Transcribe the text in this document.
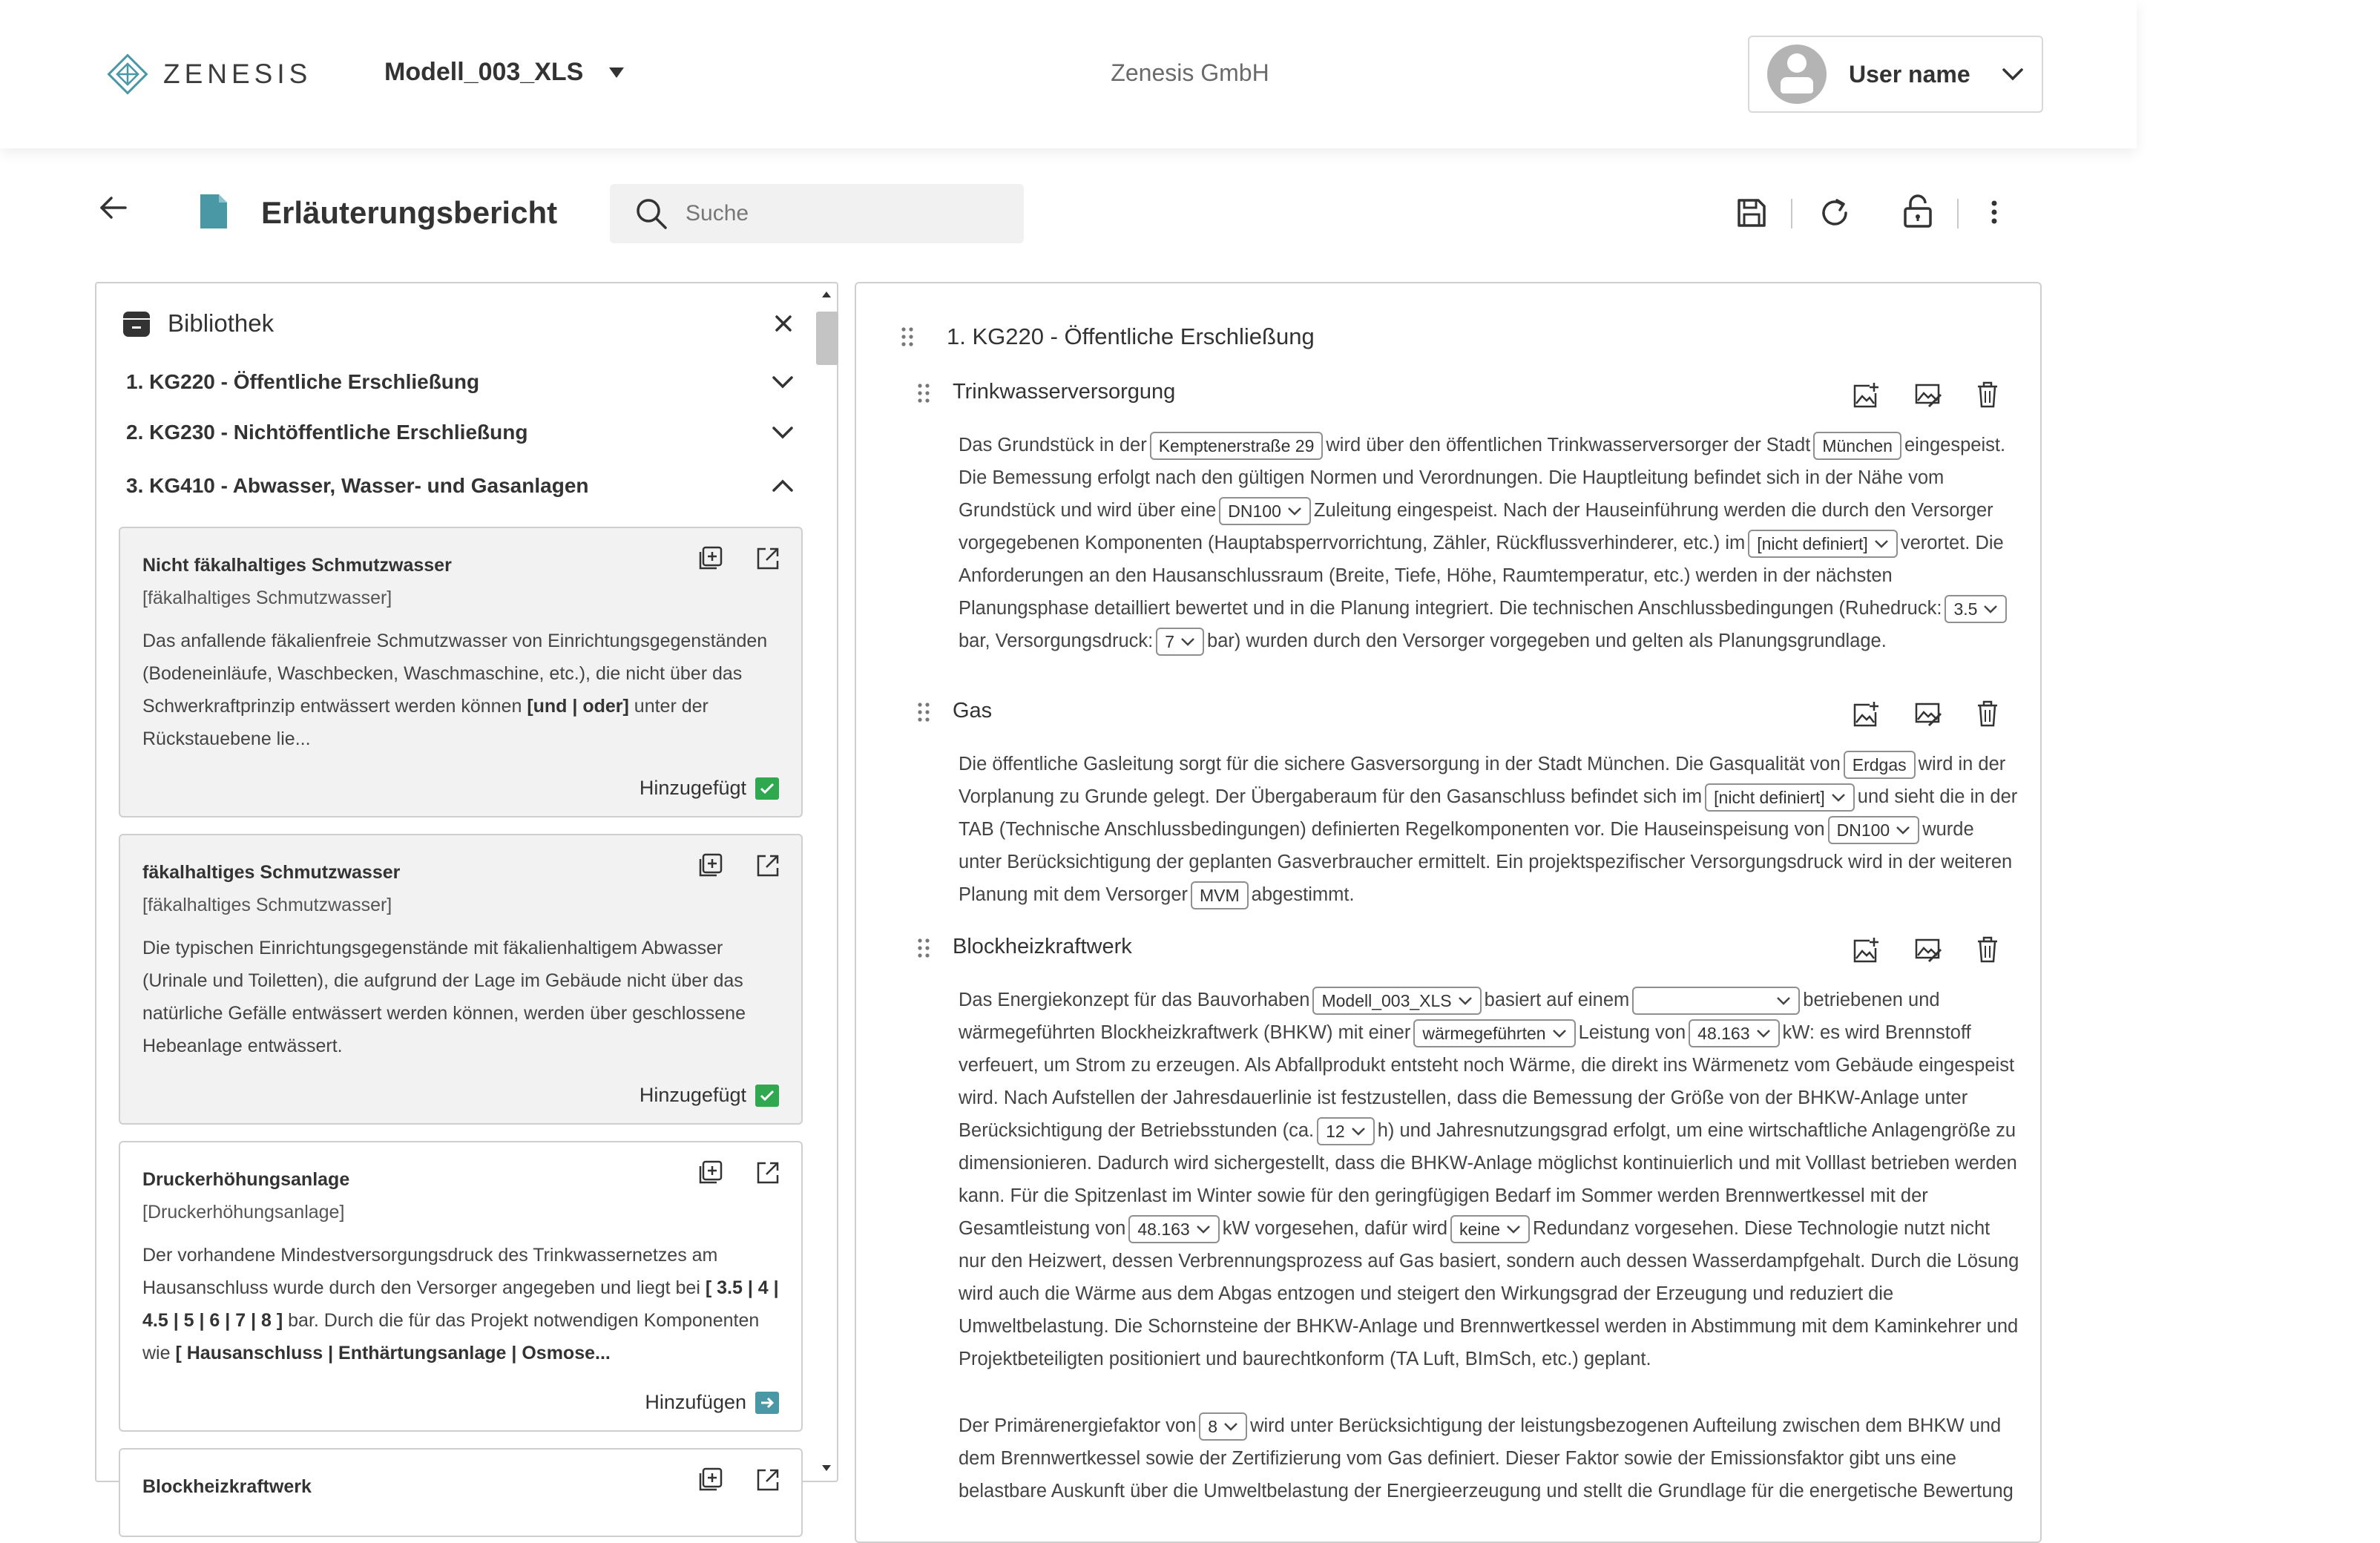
ZENESIS	Modell_003_XLS	Zenesis GmbH	User name
Erläuterungsbericht
Suche
Bibliothek
1. KG220 - Öffentliche Erschließung
2. KG230 - Nichtöffentliche Erschließung
3. KG410 - Abwasser, Wasser- und Gasanlagen
Nicht fäkalhaltiges Schmutzwasser
[fäkalhaltiges Schmutzwasser]
Das anfallende fäkalienfreie Schmutzwasser von Einrichtungsgegenständen (Bodeneinläufe, Waschbecken, Waschmaschine, etc.), die nicht über das Schwerkraftprinzip entwässert werden können [und | oder] unter der Rückstauebene lie...
Hinzugefügt
fäkalhaltiges Schmutzwasser
[fäkalhaltiges Schmutzwasser]
Die typischen Einrichtungsgegenstände mit fäkalienhaltigem Abwasser (Urinale und Toiletten), die aufgrund der Lage im Gebäude nicht über das natürliche Gefälle entwässert werden können, werden über geschlossene Hebeanlage entwässert.
Hinzugefügt
Druckerhöhungsanlage
[Druckerhöhungsanlage]
Der vorhandene Mindestversorgungsdruck des Trinkwassernetzes am Hausanschluss wurde durch den Versorger angegeben und liegt bei [ 3.5 | 4 | 4.5 | 5 | 6 | 7 | 8 ] bar. Durch die für das Projekt notwendigen Komponenten wie [ Hausanschluss | Enthärtungsanlage | Osmose...
Hinzufügen
Blockheizkraftwerk
1. KG220 - Öffentliche Erschließung
Trinkwasserversorgung
Das Grundstück in der Kemptenerstraße 29 wird über den öffentlichen Trinkwasserversorger der Stadt München eingespeist. Die Bemessung erfolgt nach den gültigen Normen und Verordnungen. Die Hauptleitung befindet sich in der Nähe vom Grundstück und wird über eine DN100 Zuleitung eingespeist. Nach der Hauseinführung werden die durch den Versorger vorgegebenen Komponenten (Hauptabsperrvorrichtung, Zähler, Rückflussverhinderer, etc.) im [nicht definiert] verortet. Die Anforderungen an den Hausanschlussraum (Breite, Tiefe, Höhe, Raumtemperatur, etc.) werden in der nächsten Planungsphase detailliert bewertet und in die Planung integriert. Die technischen Anschlussbedingungen (Ruhedruck: 3.5
bar, Versorgungsdruck: 7 bar) wurden durch den Versorger vorgegeben und gelten als Planungsgrundlage.
Gas
Die öffentliche Gasleitung sorgt für die sichere Gasversorgung in der Stadt München. Die Gasqualität von Erdgas wird in der Vorplanung zu Grunde gelegt. Der Übergaberaum für den Gasanschluss befindet sich im [nicht definiert] und sieht die in der TAB (Technische Anschlussbedingungen) definierten Regelkomponenten vor. Die Hauseinspeisung von DN100 wurde unter Berücksichtigung der geplanten Gasverbraucher ermittelt. Ein projektspezifischer Versorgungsdruck wird in der weiteren Planung mit dem Versorger MVM abgestimmt.
Blockheizkraftwerk
Das Energiekonzept für das Bauvorhaben Modell_003_XLS basiert auf einem	betriebenen und wärmegeführten Blockheizkraftwerk (BHKW) mit einer wärmegeführten Leistung von 48.163 kW: es wird Brennstoff verfeuert, um Strom zu erzeugen. Als Abfallprodukt entsteht noch Wärme, die direkt ins Wärmenetz vom Gebäude eingespeist wird. Nach Aufstellen der Jahresdauerlinie ist festzustellen, dass die Bemessung der Größe von der BHKW-Anlage unter Berücksichtigung der Betriebsstunden (ca. 12 h) und Jahresnutzungsgrad erfolgt, um eine wirtschaftliche Anlagengröße zu dimensionieren. Dadurch wird sichergestellt, dass die BHKW-Anlage möglichst kontinuierlich und mit Volllast betrieben werden kann. Für die Spitzenlast im Winter sowie für den geringfügigen Bedarf im Sommer werden Brennwertkessel mit der Gesamtleistung von 48.163 kW vorgesehen, dafür wird keine Redundanz vorgesehen. Diese Technologie nutzt nicht nur den Heizwert, dessen Verbrennungsprozess auf Gas basiert, sondern auch dessen Wasserdampfgehalt. Durch die Lösung wird auch die Wärme aus dem Abgas entzogen und steigert den Wirkungsgrad der Erzeugung und reduziert die Umweltbelastung. Die Schornsteine der BHKW-Anlage und Brennwertkessel werden in Abstimmung mit dem Kaminkehrer und Projektbeteiligten positioniert und baurechtkonform (TA Luft, BImSch, etc.) geplant.
Der Primärenergiefaktor von 8 wird unter Berücksichtigung der leistungsbezogenen Aufteilung zwischen dem BHKW und dem Brennwertkessel sowie der Zertifizierung vom Gas definiert. Dieser Faktor sowie der Emissionsfaktor gibt uns eine belastbare Auskunft über die Umweltbelastung der Energieerzeugung und stellt die Grundlage für die energetische Bewertung
